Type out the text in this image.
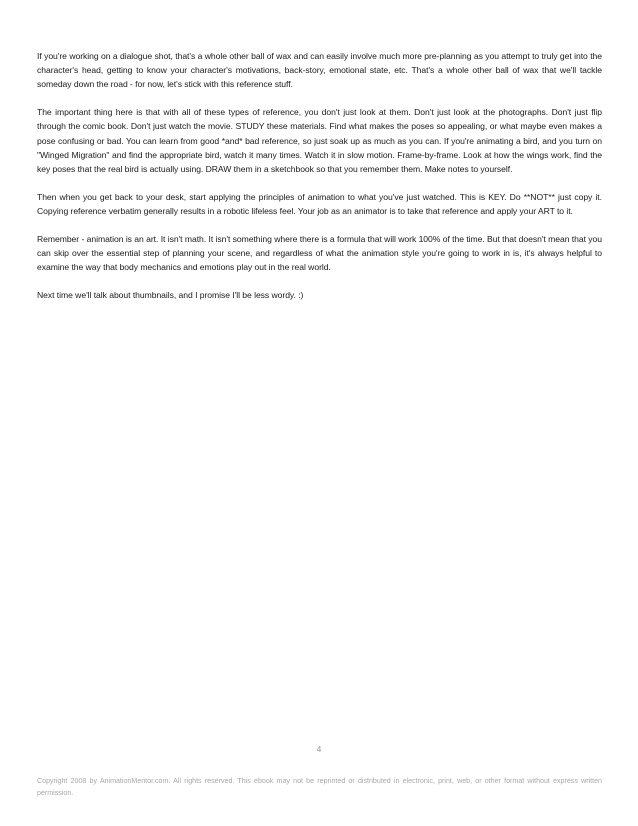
If you're working on a dialogue shot, that's a whole other ball of wax and can easily involve much more pre-planning as you attempt to truly get into the character's head, getting to know your character's motivations, back-story, emotional state, etc. That's a whole other ball of wax that we'll tackle someday down the road - for now, let's stick with this reference stuff.

The important thing here is that with all of these types of reference, you don't just look at them. Don't just look at the photographs. Don't just flip through the comic book. Don't just watch the movie. STUDY these materials. Find what makes the poses so appealing, or what maybe even makes a pose confusing or bad. You can learn from good *and* bad reference, so just soak up as much as you can. If you're animating a bird, and you turn on "Winged Migration" and find the appropriate bird, watch it many times. Watch it in slow motion. Frame-by-frame. Look at how the wings work, find the key poses that the real bird is actually using. DRAW them in a sketchbook so that you remember them. Make notes to yourself.

Then when you get back to your desk, start applying the principles of animation to what you've just watched. This is KEY. Do **NOT** just copy it. Copying reference verbatim generally results in a robotic lifeless feel. Your job as an animator is to take that reference and apply your ART to it.

Remember - animation is an art. It isn't math. It isn't something where there is a formula that will work 100% of the time. But that doesn't mean that you can skip over the essential step of planning your scene, and regardless of what the animation style you're going to work in is, it's always helpful to examine the way that body mechanics and emotions play out in the real world.

Next time we'll talk about thumbnails, and I promise I'll be less wordy. :)

4
Copyright 2008 by AnimationMentor.com. All rights reserved. This ebook may not be reprinted or distributed in electronic, print, web, or other format without express written permission.
